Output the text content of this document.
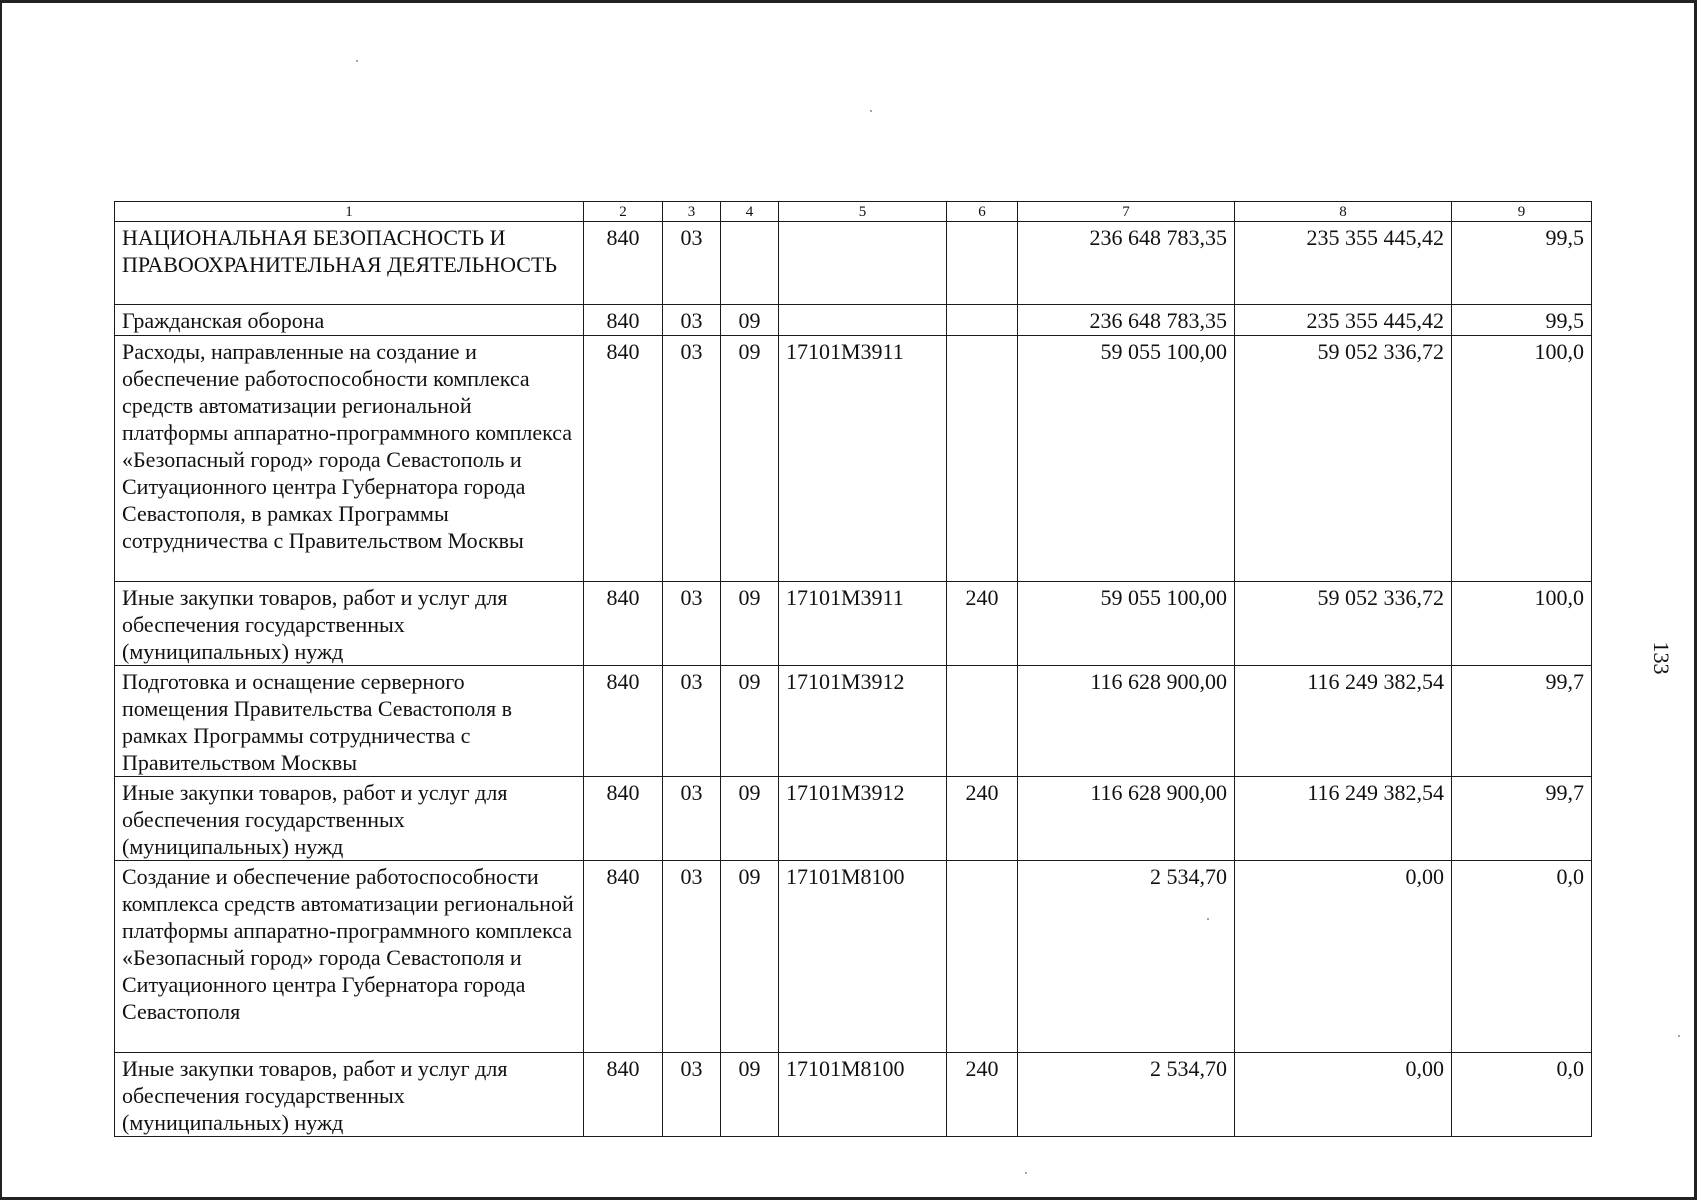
1	2	3	4	5	6	7	8	9
НАЦИОНАЛЬНАЯ БЕЗОПАСНОСТЬ И ПРАВООХРАНИТЕЛЬНАЯ ДЕЯТЕЛЬНОСТЬ	840	03				236 648 783,35	235 355 445,42	99,5
Гражданская оборона	840	03	09			236 648 783,35	235 355 445,42	99,5
Расходы, направленные на создание и обеспечение работоспособности комплекса средств автоматизации региональной платформы аппаратно-программного комплекса «Безопасный город» города Севастополь и Ситуационного центра Губернатора города Севастополя, в рамках Программы сотрудничества с Правительством Москвы	840	03	09	17101M3911		59 055 100,00	59 052 336,72	100,0
Иные закупки товаров, работ и услуг для обеспечения государственных (муниципальных) нужд	840	03	09	17101M3911	240	59 055 100,00	59 052 336,72	100,0
Подготовка и оснащение серверного помещения Правительства Севастополя в рамках Программы сотрудничества с Правительством Москвы	840	03	09	17101M3912		116 628 900,00	116 249 382,54	99,7
Иные закупки товаров, работ и услуг для обеспечения государственных (муниципальных) нужд	840	03	09	17101M3912	240	116 628 900,00	116 249 382,54	99,7
Создание и обеспечение работоспособности комплекса средств автоматизации региональной платформы аппаратно-программного комплекса «Безопасный город» города Севастополя и Ситуационного центра Губернатора города Севастополя	840	03	09	17101M8100		2 534,70	0,00	0,0
Иные закупки товаров, работ и услуг для обеспечения государственных (муниципальных) нужд	840	03	09	17101M8100	240	2 534,70	0,00	0,0
133
